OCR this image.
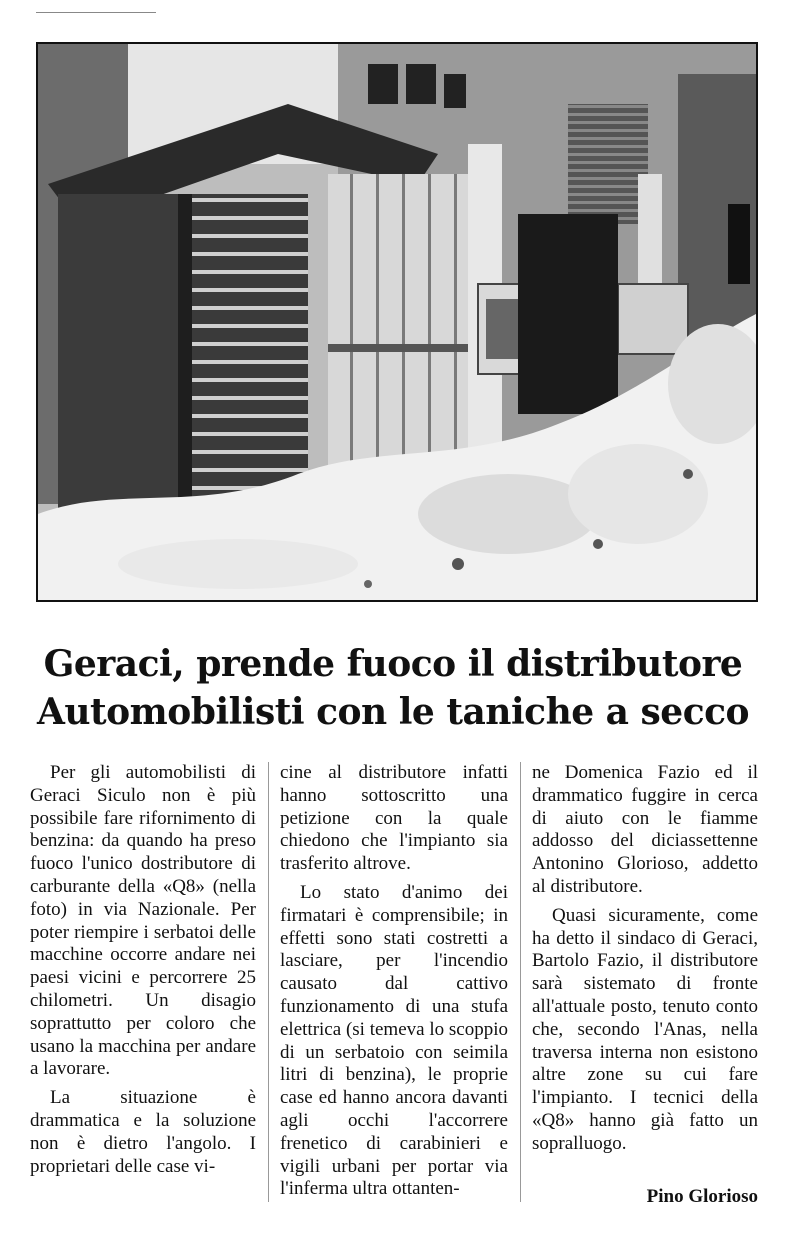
Geraci, prende fuoco il distributore
Automobilisti con le taniche a secco

Per gli automobilisti di Geraci Siculo non è più possibile fare rifornimento di benzina: da quando ha preso fuoco l'unico dostributore di carburante della «Q8» (nella foto) in via Nazionale. Per poter riempire i serbatoi delle macchine occorre andare nei paesi vicini e percorrere 25 chilometri. Un disagio soprattutto per coloro che usano la macchina per andare a lavorare.

La situazione è drammatica e la soluzione non è dietro l'angolo. I proprietari delle case vi-

cine al distributore infatti hanno sottoscritto una petizione con la quale chiedono che l'impianto sia trasferito altrove.

Lo stato d'animo dei firmatari è comprensibile; in effetti sono stati costretti a lasciare, per l'incendio causato dal cattivo funzionamento di una stufa elettrica (si temeva lo scoppio di un serbatoio con seimila litri di benzina), le proprie case ed hanno ancora davanti agli occhi l'accorrere frenetico di carabinieri e vigili urbani per portar via l'inferma ultra ottanten-

ne Domenica Fazio ed il drammatico fuggire in cerca di aiuto con le fiamme addosso del diciassettenne Antonino Glorioso, addetto al distributore.

Quasi sicuramente, come ha detto il sindaco di Geraci, Bartolo Fazio, il distributore sarà sistemato di fronte all'attuale posto, tenuto conto che, secondo l'Anas, nella traversa interna non esistono altre zone su cui fare l'impianto. I tecnici della «Q8» hanno già fatto un sopralluogo.

Pino Glorioso
